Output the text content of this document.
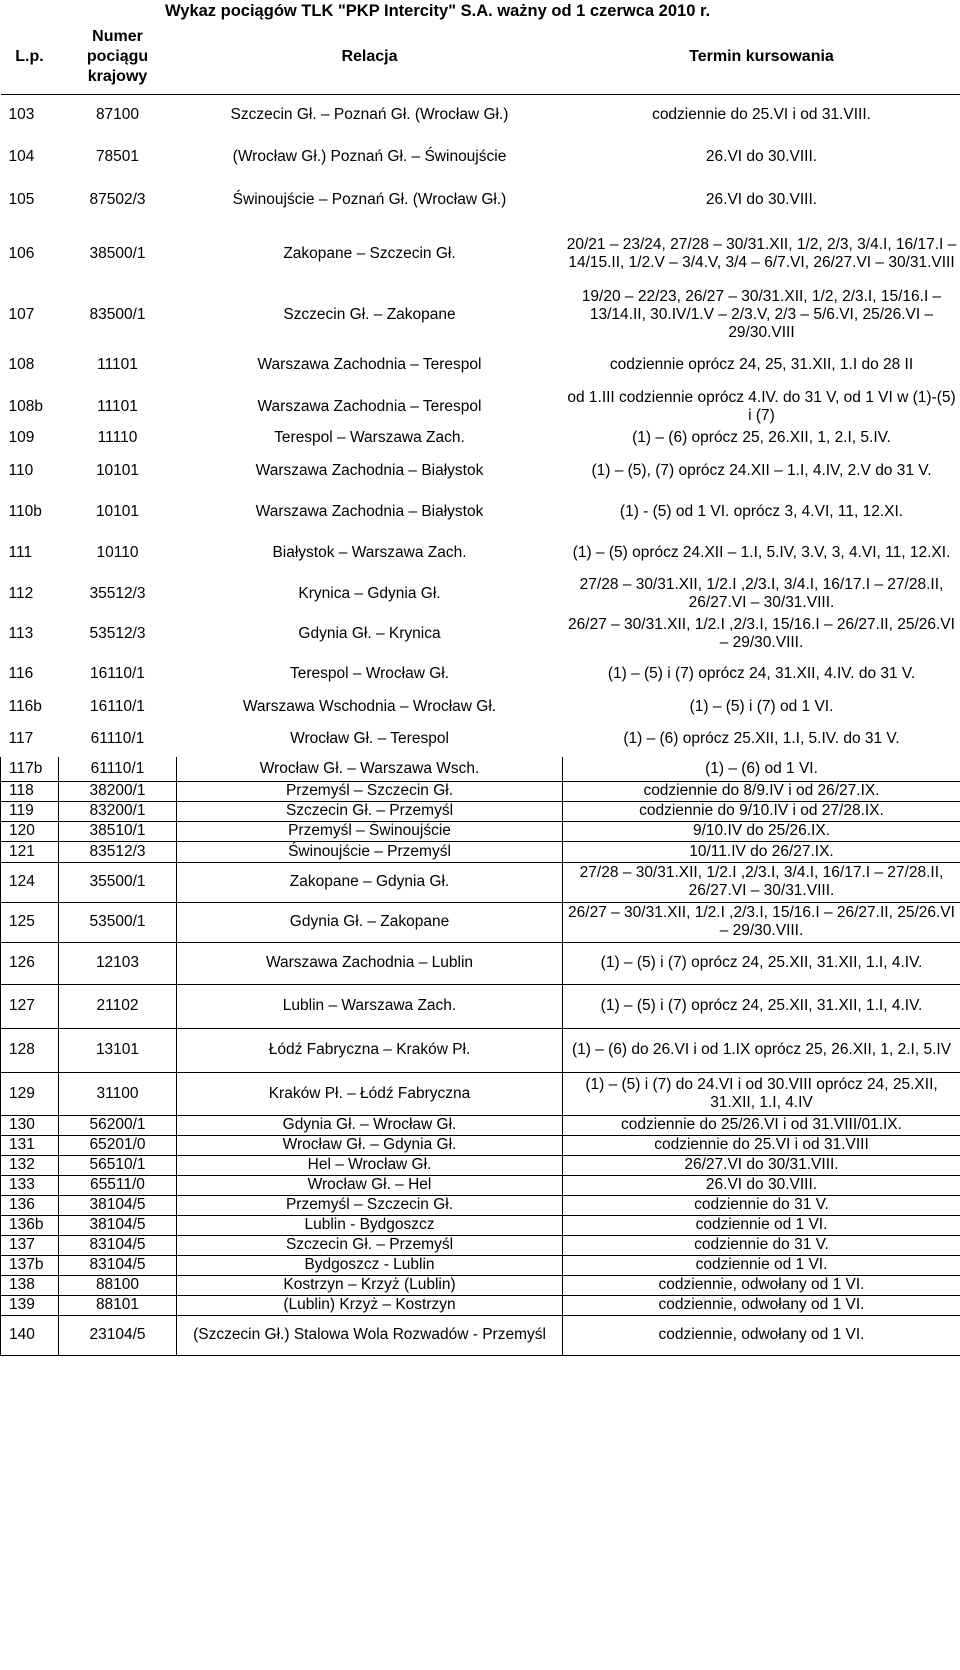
Wykaz pociągów TLK "PKP Intercity" S.A. ważny od 1 czerwca 2010 r.
L.p.	Numer pociągu krajowy	Relacja	Termin kursowania
103	87100	Szczecin Gł. – Poznań Gł. (Wrocław Gł.)	codziennie do 25.VI i od 31.VIII.
104	78501	(Wrocław Gł.) Poznań Gł. – Świnoujście	26.VI do 30.VIII.
105	87502/3	Świnoujście – Poznań Gł. (Wrocław Gł.)	26.VI do 30.VIII.
106	38500/1	Zakopane – Szczecin Gł.	20/21 – 23/24, 27/28 – 30/31.XII, 1/2, 2/3, 3/4.I, 16/17.I – 14/15.II, 1/2.V – 3/4.V, 3/4 – 6/7.VI, 26/27.VI – 30/31.VIII
107	83500/1	Szczecin Gł. – Zakopane	19/20 – 22/23, 26/27 – 30/31.XII, 1/2, 2/3.I, 15/16.I – 13/14.II, 30.IV/1.V – 2/3.V, 2/3 – 5/6.VI, 25/26.VI – 29/30.VIII
108	11101	Warszawa Zachodnia – Terespol	codziennie oprócz 24, 25, 31.XII, 1.I do 28 II
108b	11101	Warszawa Zachodnia – Terespol	od 1.III codziennie oprócz 4.IV. do 31 V, od 1 VI w (1)-(5) i (7)
109	11110	Terespol – Warszawa Zach.	(1) – (6) oprócz 25, 26.XII, 1, 2.I, 5.IV.
110	10101	Warszawa Zachodnia – Białystok	(1) – (5), (7) oprócz 24.XII – 1.I, 4.IV, 2.V do 31 V.
110b	10101	Warszawa Zachodnia – Białystok	(1) - (5) od 1 VI. oprócz 3, 4.VI, 11, 12.XI.
111	10110	Białystok – Warszawa Zach.	(1) – (5) oprócz 24.XII – 1.I, 5.IV, 3.V, 3, 4.VI, 11, 12.XI.
112	35512/3	Krynica – Gdynia Gł.	27/28 – 30/31.XII, 1/2.I ,2/3.I, 3/4.I, 16/17.I – 27/28.II, 26/27.VI – 30/31.VIII.
113	53512/3	Gdynia Gł. – Krynica	26/27 – 30/31.XII, 1/2.I ,2/3.I, 15/16.I – 26/27.II, 25/26.VI – 29/30.VIII.
116	16110/1	Terespol – Wrocław Gł.	(1) – (5) i (7) oprócz 24, 31.XII, 4.IV. do 31 V.
116b	16110/1	Warszawa Wschodnia – Wrocław Gł.	(1) – (5) i (7) od 1 VI.
117	61110/1	Wrocław Gł. – Terespol	(1) – (6) oprócz 25.XII, 1.I, 5.IV. do 31 V.
117b	61110/1	Wrocław Gł. – Warszawa Wsch.	(1) – (6) od 1 VI.
118	38200/1	Przemyśl – Szczecin Gł.	codziennie do 8/9.IV i od 26/27.IX.
119	83200/1	Szczecin Gł. – Przemyśl	codziennie do 9/10.IV i od 27/28.IX.
120	38510/1	Przemyśl – Świnoujście	9/10.IV do 25/26.IX.
121	83512/3	Świnoujście – Przemyśl	10/11.IV do 26/27.IX.
124	35500/1	Zakopane – Gdynia Gł.	27/28 – 30/31.XII, 1/2.I ,2/3.I, 3/4.I, 16/17.I – 27/28.II, 26/27.VI – 30/31.VIII.
125	53500/1	Gdynia Gł. – Zakopane	26/27 – 30/31.XII, 1/2.I ,2/3.I, 15/16.I – 26/27.II, 25/26.VI – 29/30.VIII.
126	12103	Warszawa Zachodnia – Lublin	(1) – (5) i (7) oprócz 24, 25.XII, 31.XII, 1.I, 4.IV.
127	21102	Lublin – Warszawa Zach.	(1) – (5) i (7) oprócz 24, 25.XII, 31.XII, 1.I, 4.IV.
128	13101	Łódź Fabryczna – Kraków Pł.	(1) – (6) do 26.VI i od 1.IX oprócz 25, 26.XII, 1, 2.I, 5.IV
129	31100	Kraków Pł. – Łódź Fabryczna	(1) – (5) i (7) do 24.VI i od 30.VIII oprócz 24, 25.XII, 31.XII, 1.I, 4.IV
130	56200/1	Gdynia Gł. – Wrocław Gł.	codziennie do 25/26.VI i od 31.VIII/01.IX.
131	65201/0	Wrocław Gł. – Gdynia Gł.	codziennie do 25.VI i od 31.VIII
132	56510/1	Hel – Wrocław Gł.	26/27.VI do 30/31.VIII.
133	65511/0	Wrocław Gł. – Hel	26.VI do 30.VIII.
136	38104/5	Przemyśl – Szczecin Gł.	codziennie do 31 V.
136b	38104/5	Lublin - Bydgoszcz	codziennie od 1 VI.
137	83104/5	Szczecin Gł. – Przemyśl	codziennie do 31 V.
137b	83104/5	Bydgoszcz - Lublin	codziennie od 1 VI.
138	88100	Kostrzyn – Krzyż (Lublin)	codziennie, odwołany od 1 VI.
139	88101	(Lublin) Krzyż – Kostrzyn	codziennie, odwołany od 1 VI.
140	23104/5	(Szczecin Gł.) Stalowa Wola Rozwadów - Przemyśl	codziennie, odwołany od 1 VI.
